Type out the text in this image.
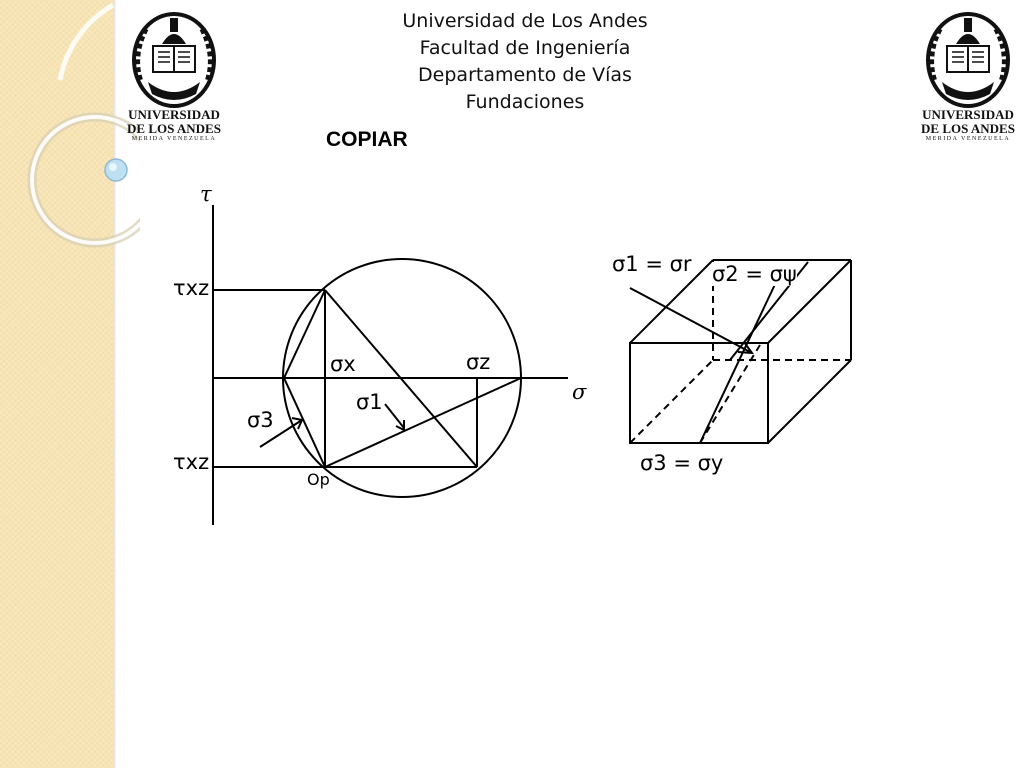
UNIVERSIDAD
DE LOS ANDES
MERIDA VENEZUELA
UNIVERSIDAD
DE LOS ANDES
MERIDA VENEZUELA
Universidad de Los Andes
Facultad de Ingeniería
Departamento de Vías
Fundaciones
COPIAR
τ
σ
τxz
τxz
σx	σz
σ1
σ3
Op
σ1 = σr σ2 = σψ
σ3 = σy
